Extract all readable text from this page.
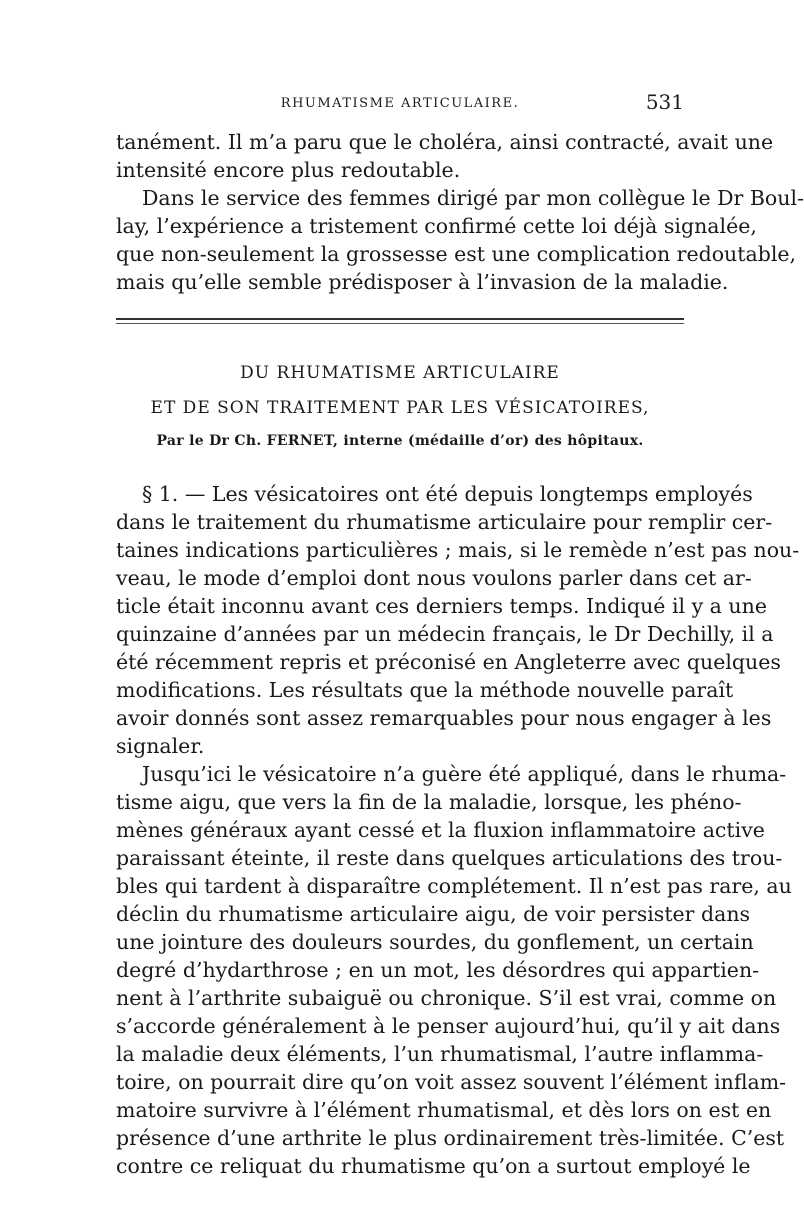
RHUMATISME ARTICULAIRE.	531
tanément. Il m’a paru que le choléra, ainsi contracté, avait une
intensité encore plus redoutable.
Dans le service des femmes dirigé par mon collègue le Dr Boul-
lay, l’expérience a tristement confirmé cette loi déjà signalée,
que non-seulement la grossesse est une complication redoutable,
mais qu’elle semble prédisposer à l’invasion de la maladie.
DU RHUMATISME ARTICULAIRE
ET DE SON TRAITEMENT PAR LES VÉSICATOIRES,
Par le Dr Ch. FERNET, interne (médaille d’or) des hôpitaux.
§ 1. — Les vésicatoires ont été depuis longtemps employés
dans le traitement du rhumatisme articulaire pour remplir cer-
taines indications particulières ; mais, si le remède n’est pas nou-
veau, le mode d’emploi dont nous voulons parler dans cet ar-
ticle était inconnu avant ces derniers temps. Indiqué il y a une
quinzaine d’années par un médecin français, le Dr Dechilly, il a
été récemment repris et préconisé en Angleterre avec quelques
modifications. Les résultats que la méthode nouvelle paraît
avoir donnés sont assez remarquables pour nous engager à les
signaler.
Jusqu’ici le vésicatoire n’a guère été appliqué, dans le rhuma-
tisme aigu, que vers la fin de la maladie, lorsque, les phéno-
mènes généraux ayant cessé et la fluxion inflammatoire active
paraissant éteinte, il reste dans quelques articulations des trou-
bles qui tardent à disparaître complétement. Il n’est pas rare, au
déclin du rhumatisme articulaire aigu, de voir persister dans
une jointure des douleurs sourdes, du gonflement, un certain
degré d’hydarthrose ; en un mot, les désordres qui appartien-
nent à l’arthrite subaiguë ou chronique. S’il est vrai, comme on
s’accorde généralement à le penser aujourd’hui, qu’il y ait dans
la maladie deux éléments, l’un rhumatismal, l’autre inflamma-
toire, on pourrait dire qu’on voit assez souvent l’élément inflam-
matoire survivre à l’élément rhumatismal, et dès lors on est en
présence d’une arthrite le plus ordinairement très-limitée. C’est
contre ce reliquat du rhumatisme qu’on a surtout employé le
